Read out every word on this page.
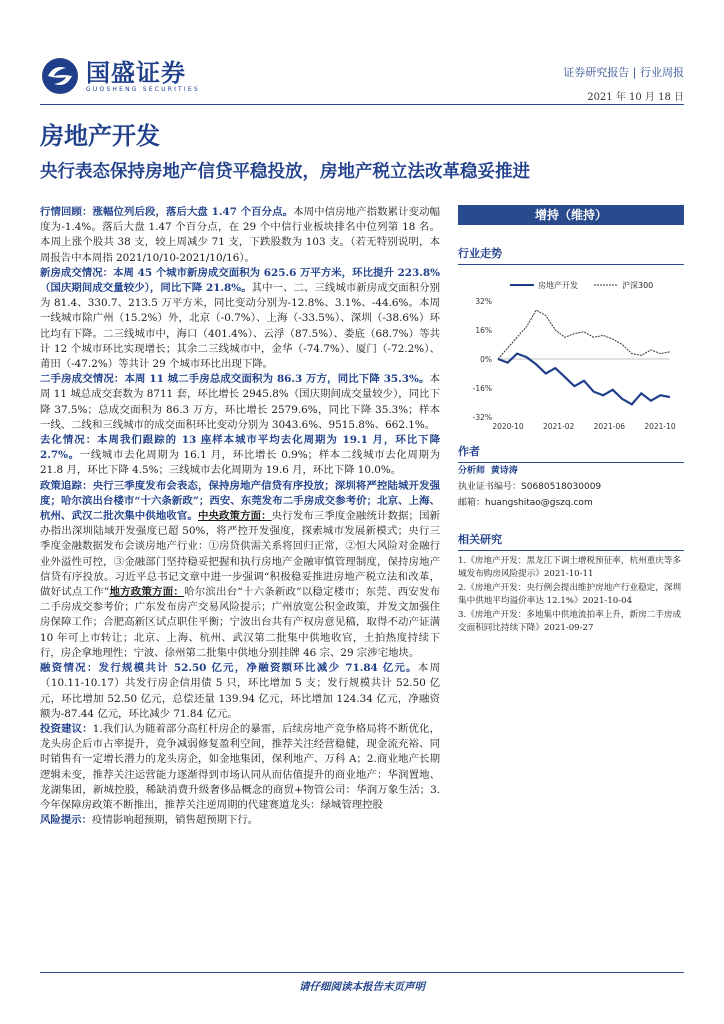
国盛证券
GUOSHENG SECURITIES
证券研究报告 | 行业周报
2021 年 10 月 18 日
房地产开发
央行表态保持房地产信贷平稳投放，房地产税立法改革稳妥推进

行情回顾：涨幅位列后段，落后大盘 1.47 个百分点。本周中信房地产指数累计变动幅度为-1.4%。落后大盘 1.47 个百分点，在 29 个中信行业板块排名中位列第 18 名。本周上涨个股共 38 支，较上周减少 71 支，下跌股数为 103 支。（若无特别说明，本周报告中本周指 2021/10/10-2021/10/16）。

新房成交情况：本周 45 个城市新房成交面积为 625.6 万平方米，环比提升 223.8%（国庆期间成交量较少），同比下降 21.8%。其中一、二、三线城市新房成交面积分别为 81.4、330.7、213.5 万平方米，同比变动分别为-12.8%、3.1%、-44.6%。本周一线城市除广州（15.2%）外，北京（-0.7%）、上海（-33.5%）、深圳（-38.6%）环比均有下降。二三线城市中，海口（401.4%）、云浮（87.5%）、娄底（68.7%）等共计 12 个城市环比实现增长；其余二三线城市中，金华（-74.7%）、厦门（-72.2%）、莆田（-47.2%）等共计 29 个城市环比出现下降。

二手房成交情况：本周 11 城二手房总成交面积为 86.3 万方，同比下降 35.3%。本周 11 城总成交套数为 8711 套，环比增长 2945.8%（国庆期间成交量较少），同比下降 37.5%；总成交面积为 86.3 万方，环比增长 2579.6%，同比下降 35.3%；样本一线、二线和三线城市的成交面积环比变动分别为 3043.6%、9515.8%、662.1%。

去化情况：本周我们跟踪的 13 座样本城市平均去化周期为 19.1 月，环比下降 2.7%。一线城市去化周期为 16.1 月，环比增长 0.9%；样本二线城市去化周期为 21.8 月，环比下降 4.5%；三线城市去化周期为 19.6 月，环比下降 10.0%。

政策追踪：央行三季度发布会表态，保持房地产信贷有序投放；深圳将严控陆城开发强度；哈尔滨出台楼市“十六条新政”；西安、东莞发布二手房成交参考价；北京、上海、杭州、武汉二批次集中供地收官。中央政策方面：央行发布三季度金融统计数据；国新办指出深圳陆域开发强度已超 50%，将严控开发强度，探索城市发展新模式；央行三季度金融数据发布会谈房地产行业：①房贷供需关系将回归正常，②恒大风险对金融行业外溢性可控，③金融部门坚持稳妥把握和执行房地产金融审慎管理制度，保持房地产信贷有序投放。习近平总书记文章中进一步强调“积极稳妥推进房地产税立法和改革，做好试点工作”地方政策方面：哈尔滨出台“十六条新政”以稳定楼市；东莞、西安发布二手房成交参考价；广东发布房产交易风险提示；广州放宽公积金政策，并发文加强住房保障工作；合肥高新区试点职住平衡；宁波出台共有产权房意见稿，取得不动产证满 10 年可上市转让；北京、上海、杭州、武汉第二批集中供地收官，土拍热度持续下行，房企拿地理性；宁波、徐州第二批集中供地分别挂牌 46 宗、29 宗涉宅地块。

融资情况：发行规模共计 52.50 亿元，净融资额环比减少 71.84 亿元。本周（10.11-10.17）共发行房企信用债 5 只，环比增加 5 支；发行规模共计 52.50 亿元，环比增加 52.50 亿元，总偿还量 139.94 亿元，环比增加 124.34 亿元，净融资额为-87.44 亿元，环比减少 71.84 亿元。

投资建议：1.我们认为随着部分高杠杆房企的暴雷，后续房地产竞争格局将不断优化，龙头房企后市占率提升，竞争减弱修复盈利空间，推荐关注经营稳健，现金流充裕、同时销售有一定增长潜力的龙头房企，如金地集团，保利地产、万科 A；2.商业地产长期逻辑未变，推荐关注运营能力逐渐得到市场认同从而估值提升的商业地产：华润置地、龙湖集团，新城控股，稀缺消费升级奢侈品概念的商贸+物管公司：华润万象生活；3.今年保障房政策不断推出，推荐关注逆周期的代建赛道龙头：绿城管理控股

风险提示：疫情影响超预期，销售超预期下行。

增持（维持）
行业走势
房地产开发	沪深300
32%
16%
0%
-16%
-32%
2020-10	2021-02	2021-06	2021-10
作者
分析师 黄诗涛
执业证书编号：S0680518030009
邮箱：huangshitao@gszq.com
相关研究
1.《房地产开发：黑龙江下调土增税预征率，杭州重庆等多城发布购房风险提示》2021-10-11
2.《房地产开发：央行例会提出维护房地产行业稳定，深圳集中供地平均溢价率达 12.1%》2021-10-04
3.《房地产开发：多地集中供地流拍率上升，新房二手房成交面积同比持续下降》2021-09-27
请仔细阅读本报告末页声明
